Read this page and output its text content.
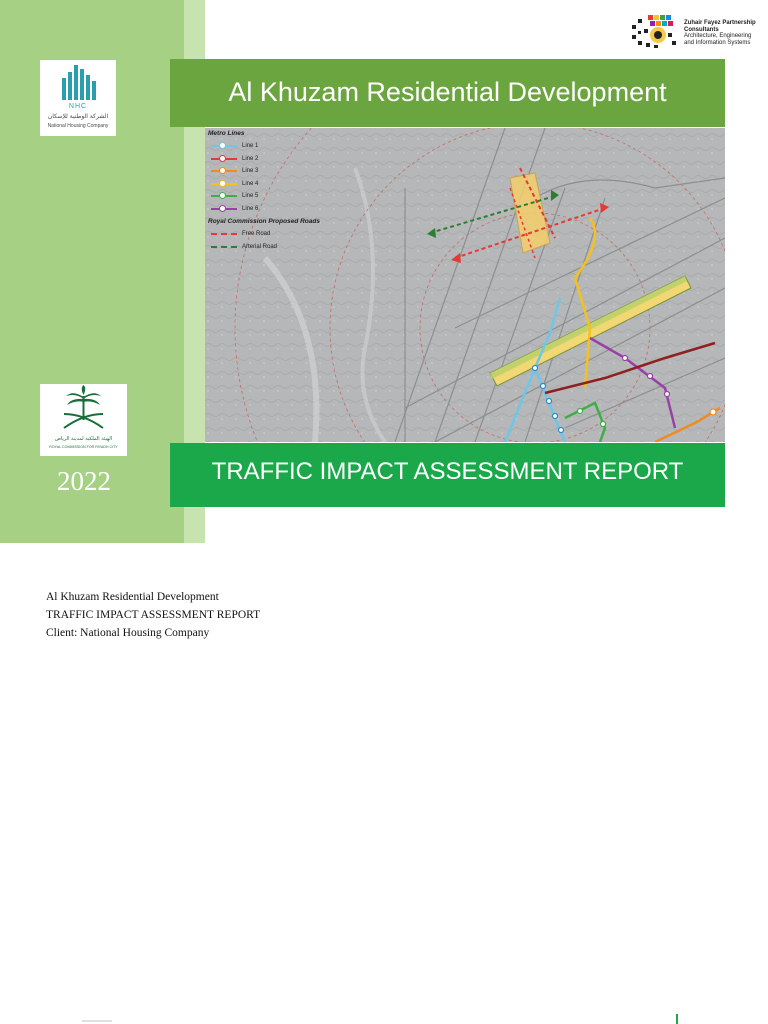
NHC
الشركة الوطنية للإسكان
National Housing Company
الهيئة الملكية لمدينة الرياض
ROYAL COMMISSION FOR RIYADH CITY
2022
Zuhair Fayez Partnership
Consultants
Architecture, Engineering
and Information Systems
Al Khuzam Residential Development
Metro Lines
Line 1
Line 2
Line 3
Line 4
Line 5
Line 6
Royal Commission Proposed Roads
Free Road
Arterial Road
TRAFFIC IMPACT ASSESSMENT REPORT
Al Khuzam Residential Development
TRAFFIC IMPACT ASSESSMENT REPORT
Client: National Housing Company
